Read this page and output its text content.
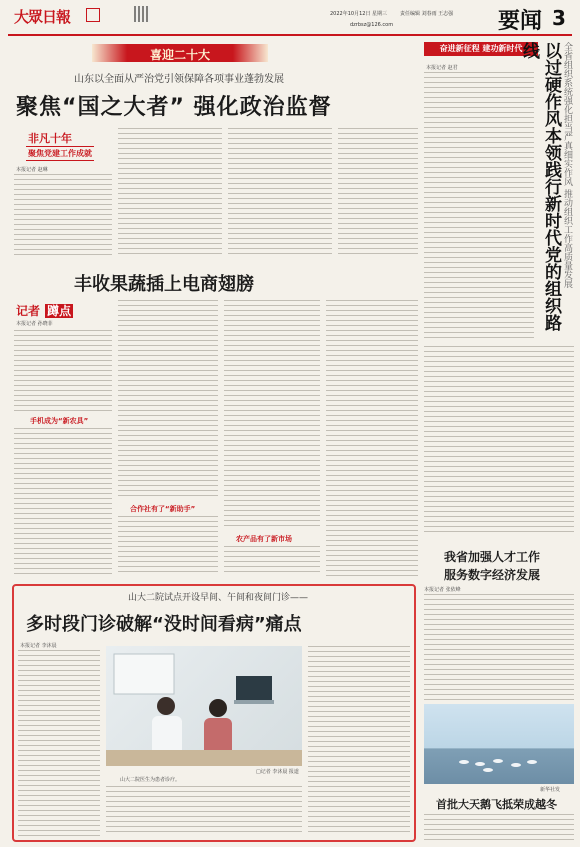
大眾日報	2022年10月12日 星期三	责任编辑 刘春雨 王志强
dzrbsz@126.com	要闻 3
喜迎二十大
山东以全面从严治党引领保障各项事业蓬勃发展
聚焦“国之大者” 强化政治监督
非凡十年
聚焦党建工作成就
本报记者 赵琳
奋进新征程 建功新时代	以过硬作风本领践行新时代党的组织路线	全省组织系统强化担当严真细实作风 推动组织工作高质量发展
本报记者 赵君
丰收果蔬插上电商翅膀
记者 蹲点
本报记者 孙晓菲
手机成为“新农具”
合作社有了“新助手”
农产品有了新市场
我省加强人才工作
服务数字经济发展
本报记者 张依峰
新华社发
首批大天鹅飞抵荣成越冬
山大二院试点开设早间、午间和夜间门诊——
多时段门诊破解“没时间看病”痛点
本报记者 李沐晨
□记者 李沐晨 报道
山大二院医生为患者诊疗。
